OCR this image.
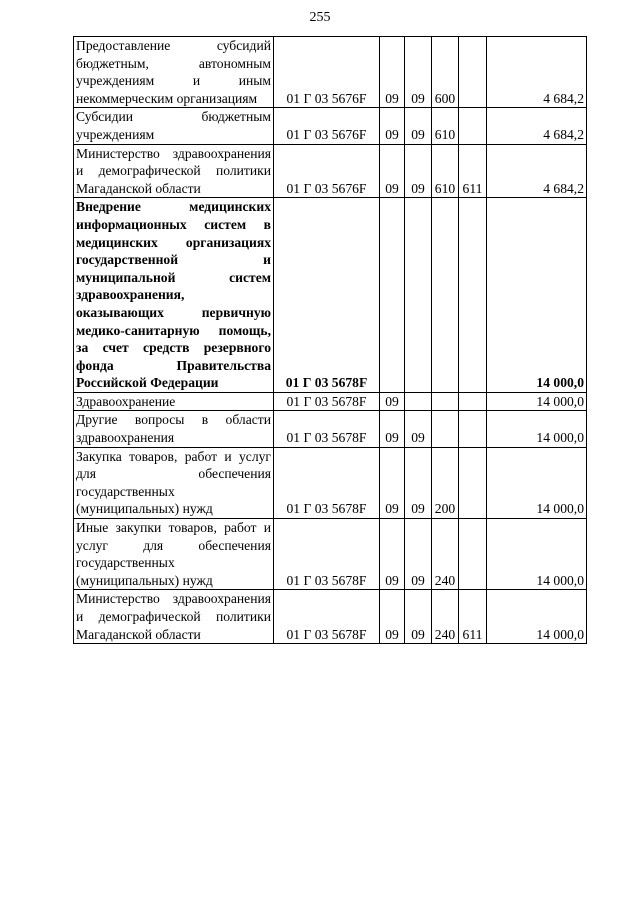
255
Предоставление субсидий бюджетным, автономным учреждениям и иным некоммерческим организациям	01 Г 03 5676F	09	09	600		4 684,2
Субсидии бюджетным учреждениям	01 Г 03 5676F	09	09	610		4 684,2
Министерство здравоохранения и демографической политики Магаданской области	01 Г 03 5676F	09	09	610	611	4 684,2
Внедрение медицинских информационных систем в медицинских организациях государственной и муниципальной систем здравоохранения, оказывающих первичную медико-санитарную помощь, за счет средств резервного фонда Правительства Российской Федерации	01 Г 03 5678F					14 000,0
Здравоохранение	01 Г 03 5678F	09				14 000,0
Другие вопросы в области здравоохранения	01 Г 03 5678F	09	09			14 000,0
Закупка товаров, работ и услуг для обеспечения государственных (муниципальных) нужд	01 Г 03 5678F	09	09	200		14 000,0
Иные закупки товаров, работ и услуг для обеспечения государственных (муниципальных) нужд	01 Г 03 5678F	09	09	240		14 000,0
Министерство здравоохранения и демографической политики Магаданской области	01 Г 03 5678F	09	09	240	611	14 000,0
